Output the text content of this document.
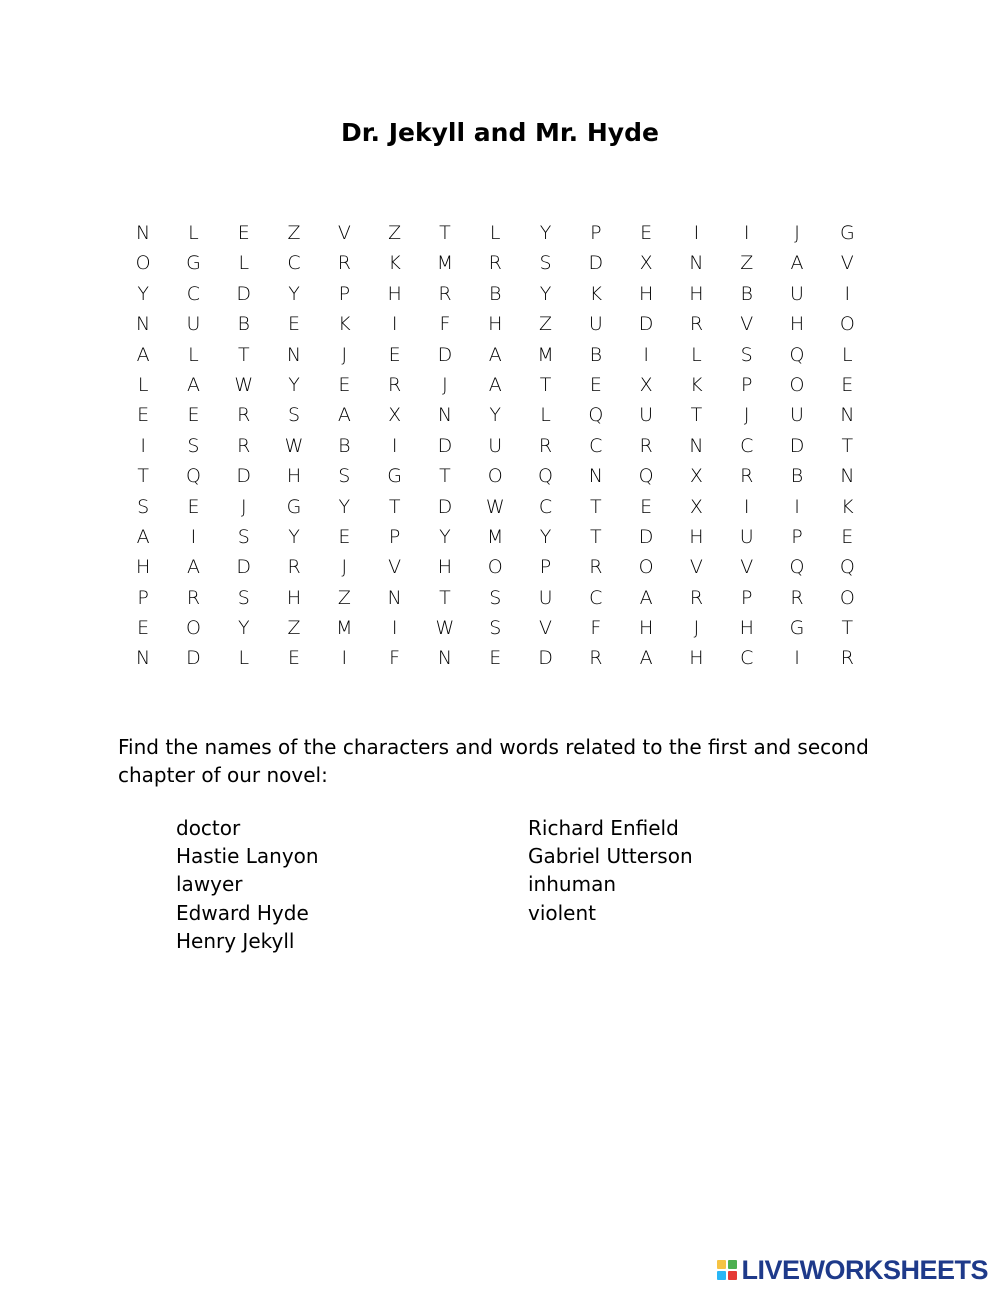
Dr. Jekyll and Mr. Hyde
N	L	E	Z	V	Z	T	L	Y	P	E	I	I	J	G
O	G	L	C	R	K	M	R	S	D	X	N	Z	A	V
Y	C	D	Y	P	H	R	B	Y	K	H	H	B	U	I
N	U	B	E	K	I	F	H	Z	U	D	R	V	H	O
A	L	T	N	J	E	D	A	M	B	I	L	S	Q	L
L	A	W	Y	E	R	J	A	T	E	X	K	P	O	E
E	E	R	S	A	X	N	Y	L	Q	U	T	J	U	N
I	S	R	W	B	I	D	U	R	C	R	N	C	D	T
T	Q	D	H	S	G	T	O	Q	N	Q	X	R	B	N
S	E	J	G	Y	T	D	W	C	T	E	X	I	I	K
A	I	S	Y	E	P	Y	M	Y	T	D	H	U	P	E
H	A	D	R	J	V	H	O	P	R	O	V	V	Q	Q
P	R	S	H	Z	N	T	S	U	C	A	R	P	R	O
E	O	Y	Z	M	I	W	S	V	F	H	J	H	G	T
N	D	L	E	I	F	N	E	D	R	A	H	C	I	R
Find the names of the characters and words related to the first and second chapter of our novel:
doctor
Hastie Lanyon
lawyer
Edward Hyde
Henry Jekyll
Richard Enfield
Gabriel Utterson
inhuman
violent
LIVEWORKSHEETS
